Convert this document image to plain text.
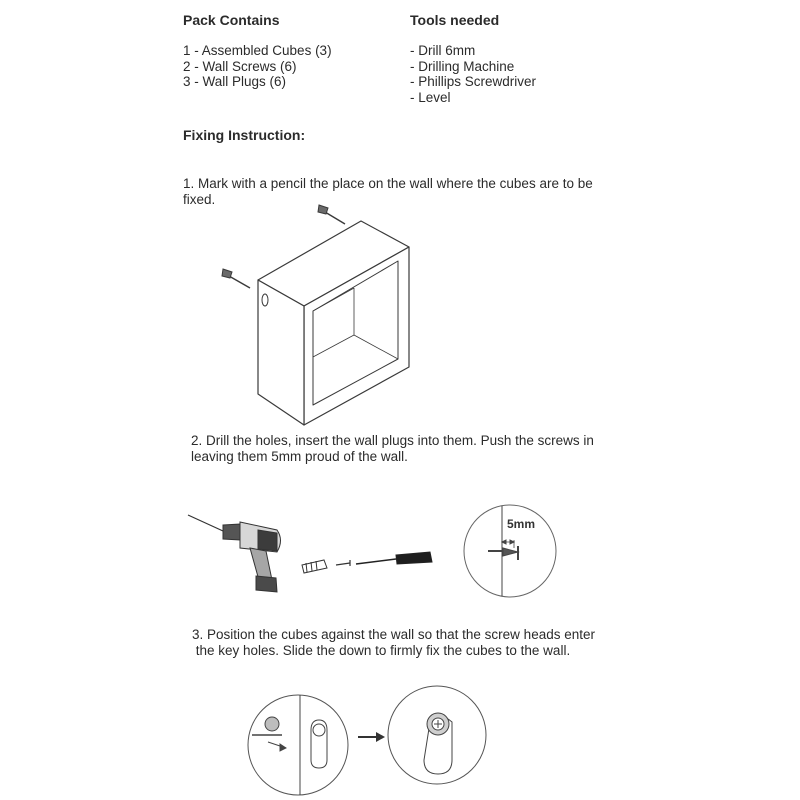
Pack Contains
1 - Assembled Cubes (3)
2 - Wall Screws (6)
3 - Wall Plugs (6)
Tools needed
- Drill 6mm
- Drilling Machine
- Phillips Screwdriver
- Level
Fixing Instruction:
1. Mark with a pencil the place on the wall where the cubes are to be
fixed.
2. Drill the holes, insert the wall plugs into them. Push the screws in
leaving them 5mm proud of the wall.
3. Position the cubes against the wall so that the screw heads enter
the key holes. Slide the down to firmly fix the cubes to the wall.
5mm
